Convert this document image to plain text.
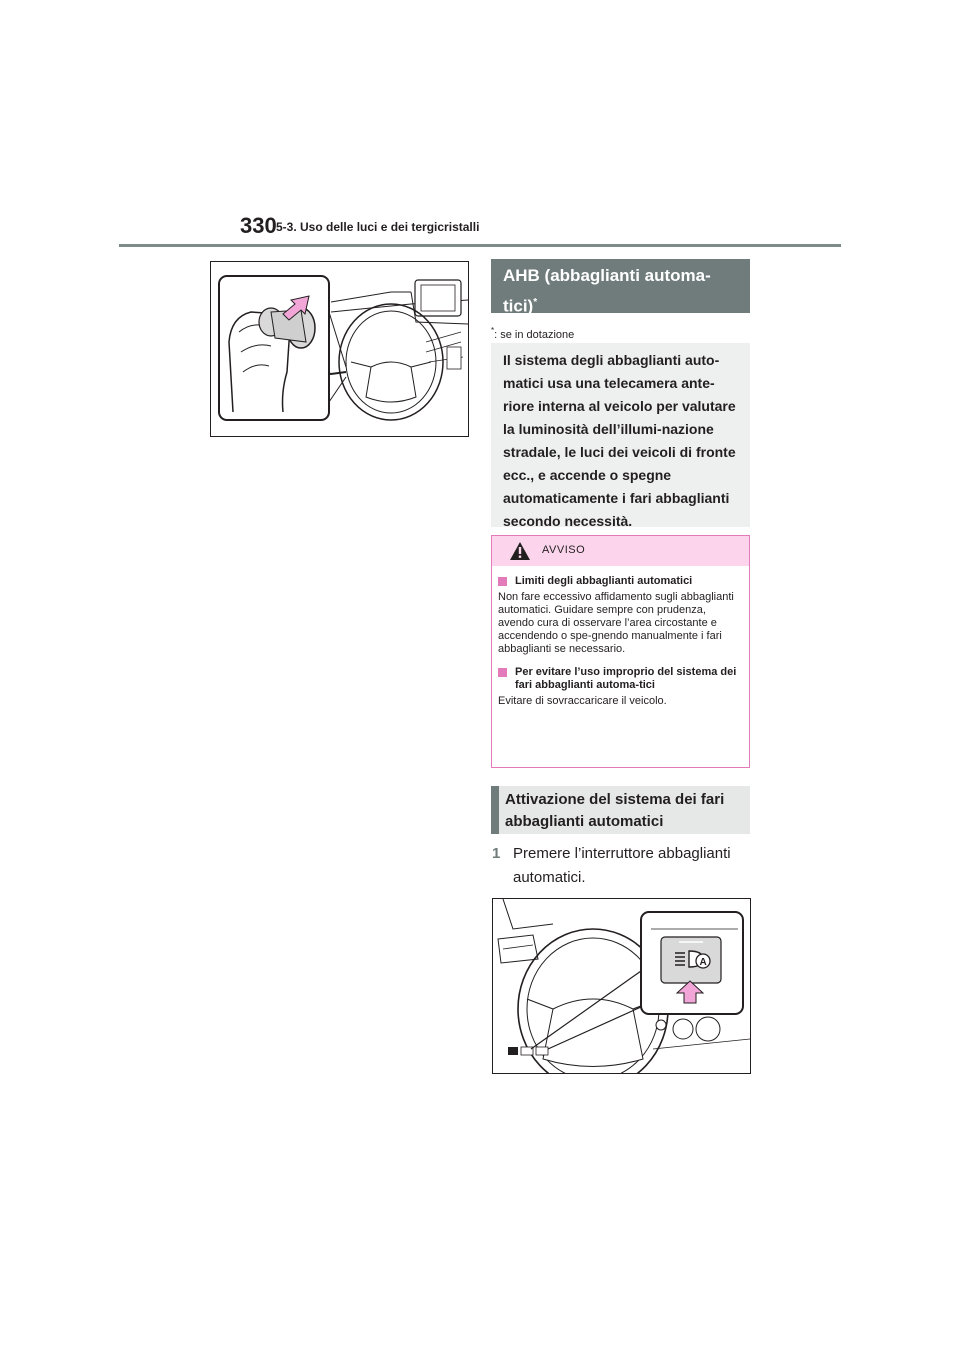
330 5-3. Uso delle luci e dei tergicristalli
AHB (abbaglianti automa-
tici)*
*: se in dotazione

Il sistema degli abbaglianti auto-matici usa una telecamera ante-riore interna al veicolo per valutare la luminosità dell’illumi-nazione stradale, le luci dei veicoli di fronte ecc., e accende o spegne automaticamente i fari abbaglianti secondo necessità.

AVVISO
Limiti degli abbaglianti automatici
Non fare eccessivo affidamento sugli abbaglianti automatici. Guidare sempre con prudenza, avendo cura di osservare l’area circostante e accendendo o spe-gnendo manualmente i fari abbaglianti se necessario.
Per evitare l’uso improprio del sistema dei fari abbaglianti automa-tici
Evitare di sovraccaricare il veicolo.
Attivazione del sistema dei fari abbaglianti automatici
1 Premere l’interruttore abbaglianti automatici.
A
